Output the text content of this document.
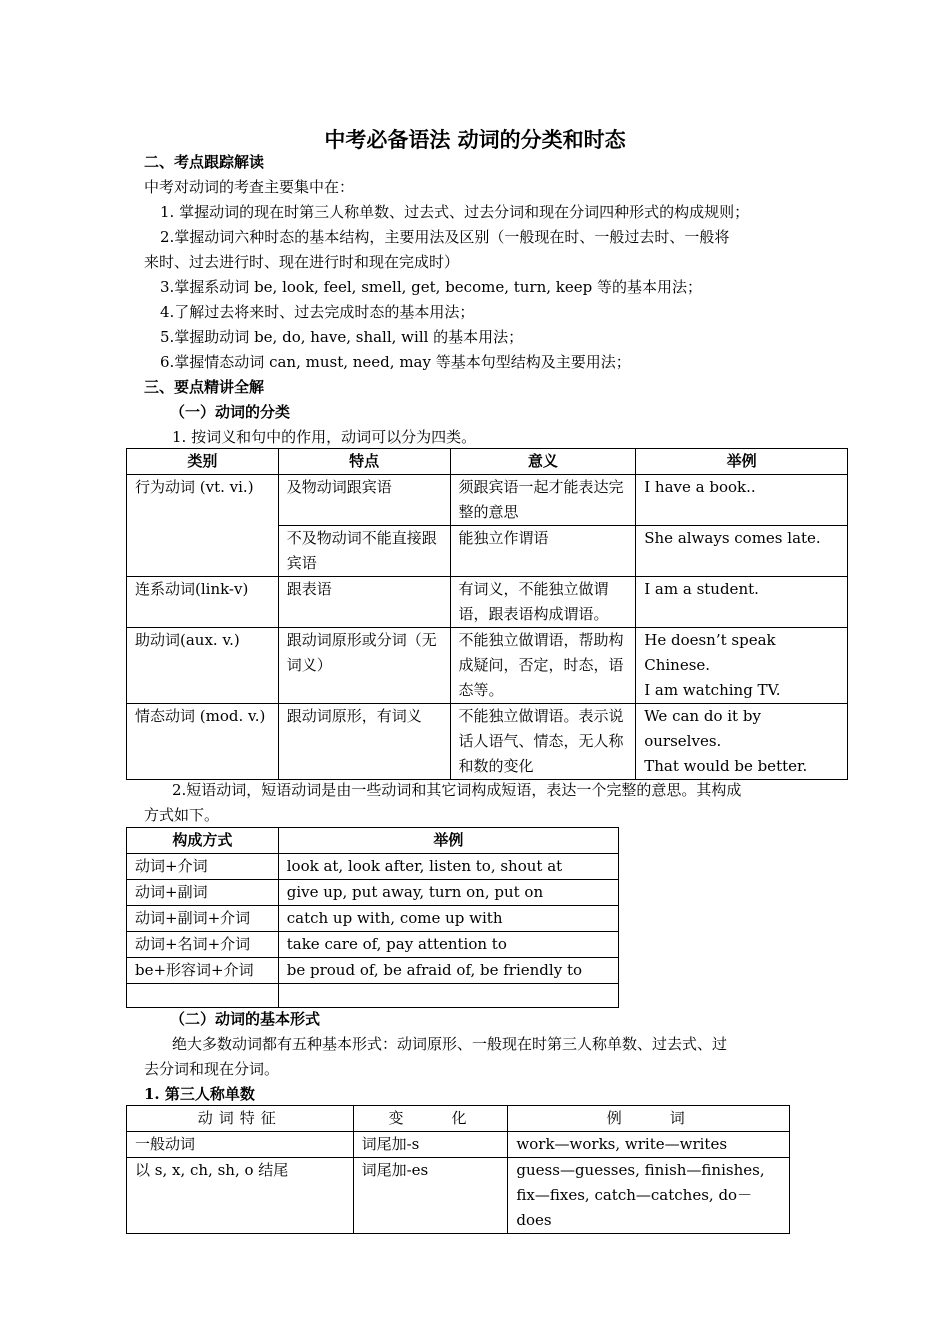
中考必备语法 动词的分类和时态
二、考点跟踪解读
中考对动词的考查主要集中在：
1. 掌握动词的现在时第三人称单数、过去式、过去分词和现在分词四种形式的构成规则；
2.掌握动词六种时态的基本结构，主要用法及区别（一般现在时、一般过去时、一般将
来时、过去进行时、现在进行时和现在完成时）
3.掌握系动词 be, look, feel, smell, get, become, turn, keep 等的基本用法；
4.了解过去将来时、过去完成时态的基本用法；
5.掌握助动词 be, do, have, shall, will 的基本用法；
6.掌握情态动词 can, must, need, may 等基本句型结构及主要用法；
三、要点精讲全解
（一）动词的分类
1. 按词义和句中的作用，动词可以分为四类。
类别	特点	意义	举例
行为动词 (vt. vi.)	及物动词跟宾语	须跟宾语一起才能表达完整的意思	I have a book..
	不及物动词不能直接跟宾语	能独立作谓语	She always comes late.
连系动词(link-v)	跟表语	有词义，不能独立做谓语，跟表语构成谓语。	I am a student.
助动词(aux. v.)	跟动词原形或分词（无词义）	不能独立做谓语，帮助构成疑问，否定，时态，语态等。	He doesn’t speak Chinese.
I am watching TV.

情态动词 (mod. v.)	跟动词原形，有词义	不能独立做谓语。表示说话人语气、情态，无人称和数的变化	We can do it by ourselves.
That would be better.
2.短语动词，短语动词是由一些动词和其它词构成短语，表达一个完整的意思。其构成
方式如下。
构成方式	举例
动词+介词	look at, look after, listen to, shout at
动词+副词	give up, put away, turn on, put on
动词+副词+介词	catch up with, come up with
动词+名词+介词	take care of, pay attention to
be+形容词+介词	be proud of, be afraid of, be friendly to

（二）动词的基本形式
绝大多数动词都有五种基本形式：动词原形、一般现在时第三人称单数、过去式、过
去分词和现在分词。
1. 第三人称单数
动词特征	变　　化	例　　词
一般动词	词尾加-s	work—works, write—writes
以 s, x, ch, sh, o 结尾	词尾加-es	guess—guesses, finish—finishes,
fix—fixes, catch—catches, do－does
